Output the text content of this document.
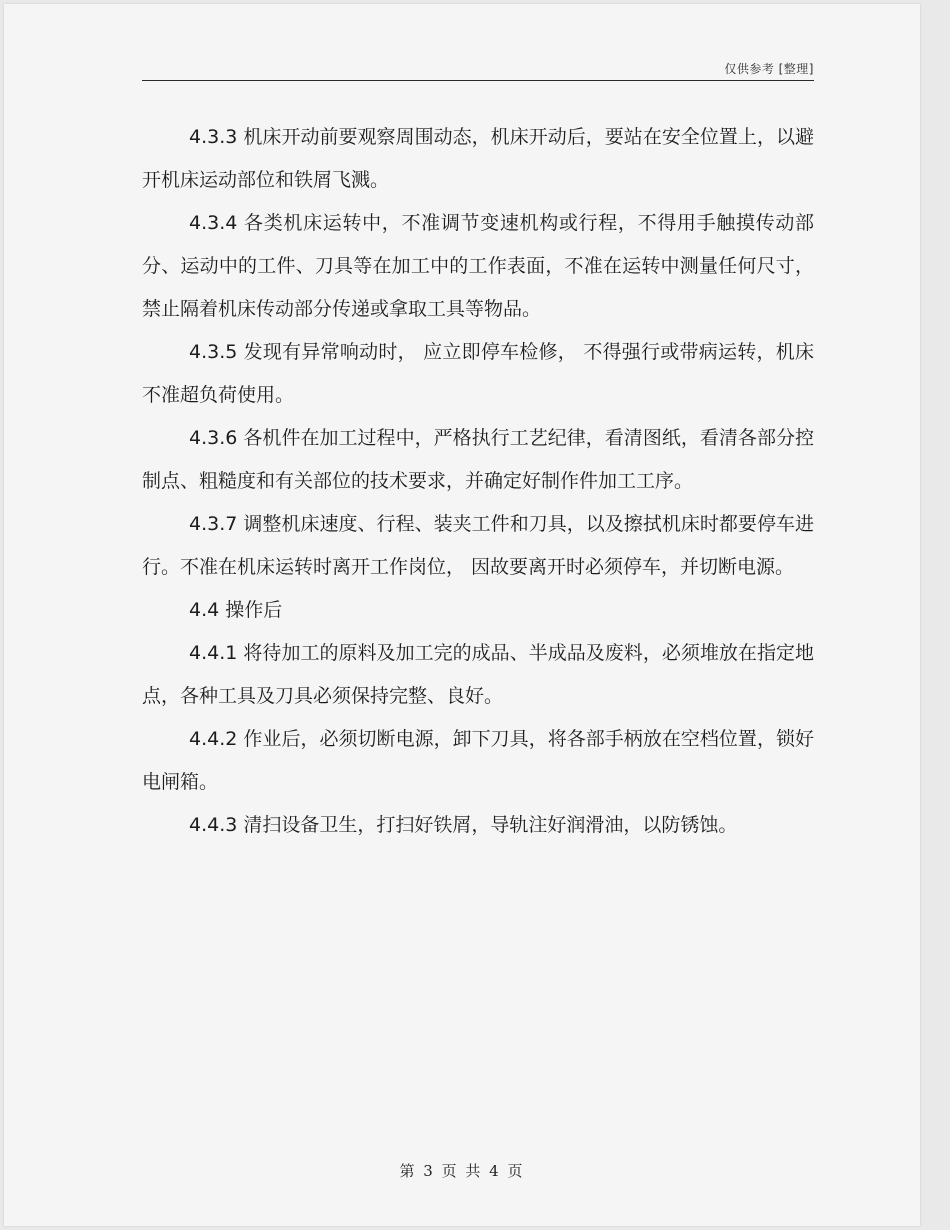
仅供参考 [整理]

4.3.3 机床开动前要观察周围动态，机床开动后，要站在安全位置上，以避开机床运动部位和铁屑飞溅。

4.3.4 各类机床运转中，不准调节变速机构或行程，不得用手触摸传动部分、运动中的工件、刀具等在加工中的工作表面，不准在运转中测量任何尺寸，禁止隔着机床传动部分传递或拿取工具等物品。

4.3.5 发现有异常响动时， 应立即停车检修， 不得强行或带病运转，机床不准超负荷使用。

4.3.6 各机件在加工过程中，严格执行工艺纪律，看清图纸，看清各部分控制点、粗糙度和有关部位的技术要求，并确定好制作件加工工序。

4.3.7 调整机床速度、行程、装夹工件和刀具，以及擦拭机床时都要停车进行。不准在机床运转时离开工作岗位， 因故要离开时必须停车，并切断电源。

4.4 操作后

4.4.1 将待加工的原料及加工完的成品、半成品及废料，必须堆放在指定地点，各种工具及刀具必须保持完整、良好。

4.4.2 作业后，必须切断电源，卸下刀具，将各部手柄放在空档位置，锁好电闸箱。

4.4.3 清扫设备卫生，打扫好铁屑，导轨注好润滑油，以防锈蚀。

第 3 页 共 4 页
